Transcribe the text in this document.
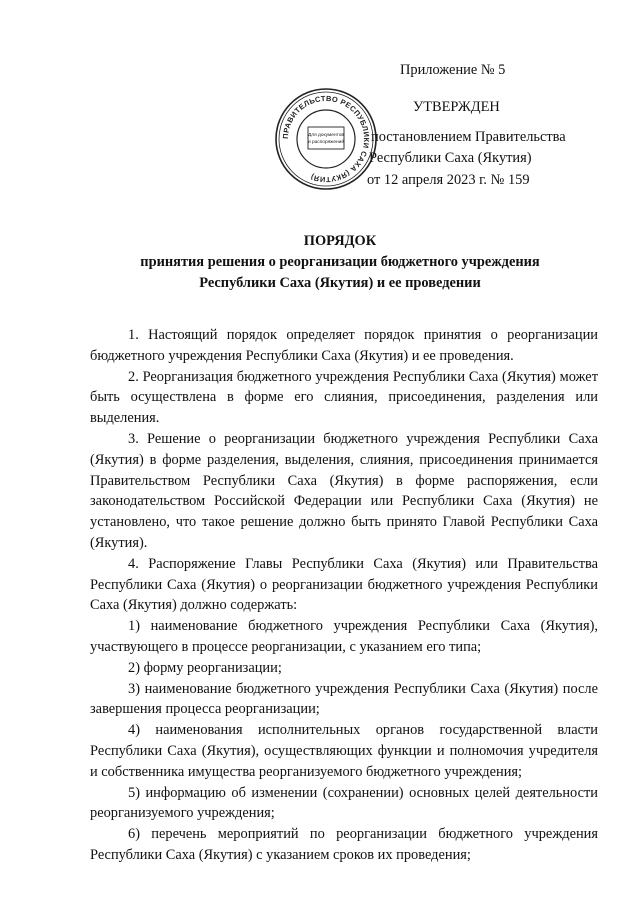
Приложение № 5
УТВЕРЖДЕН
постановлением Правительства
Республики Саха (Якутия)
от 12 апреля 2023 г. № 159
ПРАВИТЕЛЬСТВО РЕСПУБЛИКИ САХА (ЯКУТИЯ)
Для документов
и распоряжений
ПОРЯДОК
принятия решения о реорганизации бюджетного учреждения
Республики Саха (Якутия) и ее проведении

1. Настоящий порядок определяет порядок принятия о реорганизации бюджетного учреждения Республики Саха (Якутия) и ее проведения.

2. Реорганизация бюджетного учреждения Республики Саха (Якутия) может быть осуществлена в форме его слияния, присоединения, разделения или выделения.

3. Решение о реорганизации бюджетного учреждения Республики Саха (Якутия) в форме разделения, выделения, слияния, присоединения принимается Правительством Республики Саха (Якутия) в форме распоряжения, если законодательством Российской Федерации или Республики Саха (Якутия) не установлено, что такое решение должно быть принято Главой Республики Саха (Якутия).

4. Распоряжение Главы Республики Саха (Якутия) или Правительства Республики Саха (Якутия) о реорганизации бюджетного учреждения Республики Саха (Якутия) должно содержать:

1) наименование бюджетного учреждения Республики Саха (Якутия), участвующего в процессе реорганизации, с указанием его типа;

2) форму реорганизации;

3) наименование бюджетного учреждения Республики Саха (Якутия) после завершения процесса реорганизации;

4) наименования исполнительных органов государственной власти Республики Саха (Якутия), осуществляющих функции и полномочия учредителя и собственника имущества реорганизуемого бюджетного учреждения;

5) информацию об изменении (сохранении) основных целей деятельности реорганизуемого учреждения;

6) перечень мероприятий по реорганизации бюджетного учреждения Республики Саха (Якутия) с указанием сроков их проведения;
